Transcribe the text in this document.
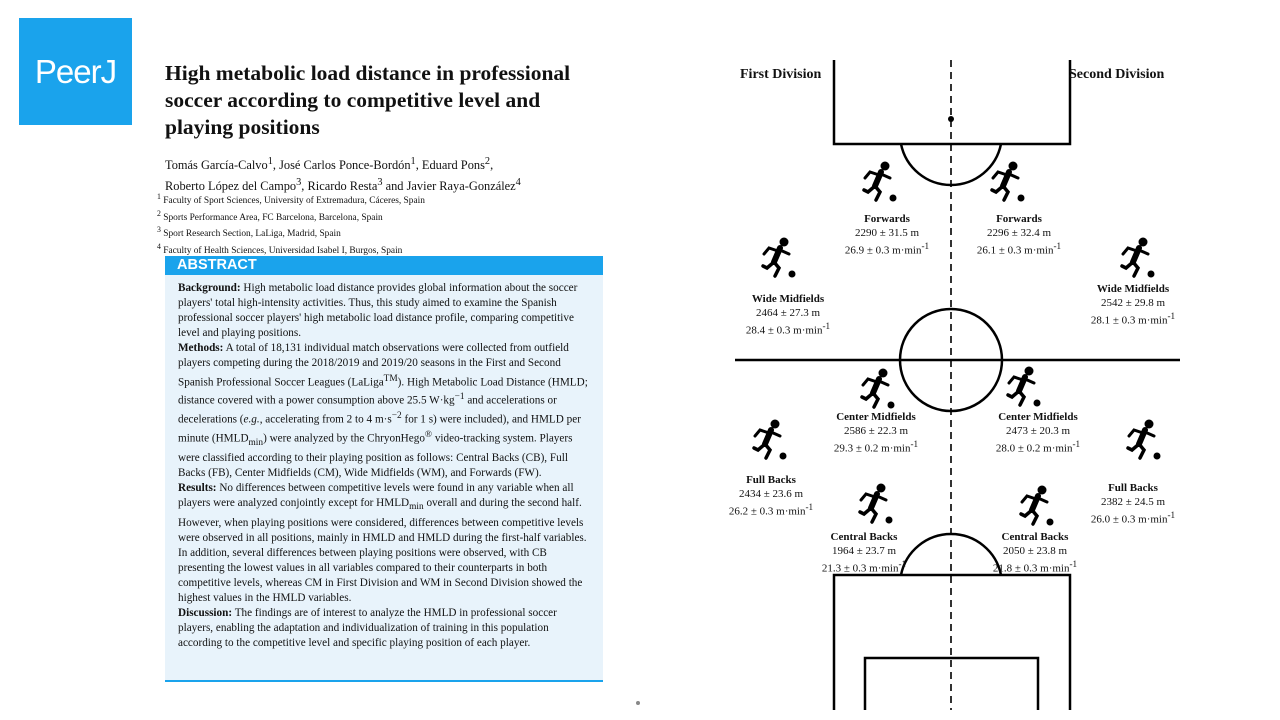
PeerJ	High metabolic load distance in professional soccer according to competitive level and playing positions
Tomás García-Calvo$^1$, José Carlos Ponce-Bordón$^1$, Eduard Pons$^2$,
Roberto López del Campo$^3$, Ricardo Resta$^3$ and Javier Raya-González$^4$
$^1$ Faculty of Sport Sciences, University of Extremadura, Cáceres, Spain
$^2$ Sports Performance Area, FC Barcelona, Barcelona, Spain
$^3$ Sport Research Section, LaLiga, Madrid, Spain
$^4$ Faculty of Health Sciences, Universidad Isabel I, Burgos, Spain
ABSTRACT

Background: High metabolic load distance provides global information about the soccer players' total high-intensity activities. Thus, this study aimed to examine the Spanish professional soccer players' high metabolic load distance profile, comparing competitive level and playing positions.

Methods: A total of 18,131 individual match observations were collected from outfield players competing during the 2018/2019 and 2019/20 seasons in the First and Second Spanish Professional Soccer Leagues (LaLiga™). High Metabolic Load Distance (HMLD; distance covered with a power consumption above 25.5 $W\cdot kg^{-1}$ and accelerations or decelerations (e.g., accelerating from 2 to 4 $m\cdot s^{-2}$ for 1 s) were included), and HMLD per minute $(HMLD_{min})$ were analyzed by the ChryonHego® video-tracking system. Players were classified according to their playing position as follows: Central Backs (CB), Full Backs (FB), Center Midfields (CM), Wide Midfields (WM), and Forwards (FW).

Results: No differences between competitive levels were found in any variable when all players were analyzed conjointly except for $HMLD_{min}$ overall and during the second half. However, when playing positions were considered, differences between competitive levels were observed in all positions, mainly in HMLD and HMLD during the first-half variables. In addition, several differences between playing positions were observed, with CB presenting the lowest values in all variables compared to their counterparts in both competitive levels, whereas CM in First Division and WM in Second Division showed the highest values in the HMLD variables.

Discussion: The findings are of interest to analyze the HMLD in professional soccer players, enabling the adaptation and individualization of training in this population according to the competitive level and specific playing position of each player.

First Division	Second Division
Forwards
2290 ± 31.5 m
26.9 ± 0.3 $m\cdot\min^{-1}$
Wide Midfields
2464 ± 27.3 m
28.4 ± 0.3 $m\cdot\min^{-1}$
Center Midfields
2586 ± 22.3 m
29.3 ± 0.2 $m\cdot\min^{-1}$
Full Backs
2434 ± 23.6 m
26.2 ± 0.3 $m\cdot\min^{-1}$
Central Backs
1964 ± 23.7 m
21.3 ± 0.3 $m\cdot\min^{-1}$
Forwards
2296 ± 32.4 m
26.1 ± 0.3 $m\cdot\min^{-1}$
Wide Midfields
2542 ± 29.8 m
28.1 ± 0.3 $m\cdot\min^{-1}$
Center Midfields
2473 ± 20.3 m
28.0 ± 0.2 $m\cdot\min^{-1}$
Full Backs
2382 ± 24.5 m
26.0 ± 0.3 $m\cdot\min^{-1}$
Central Backs
2050 ± 23.8 m
21.8 ± 0.3 $m\cdot\min^{-1}$
